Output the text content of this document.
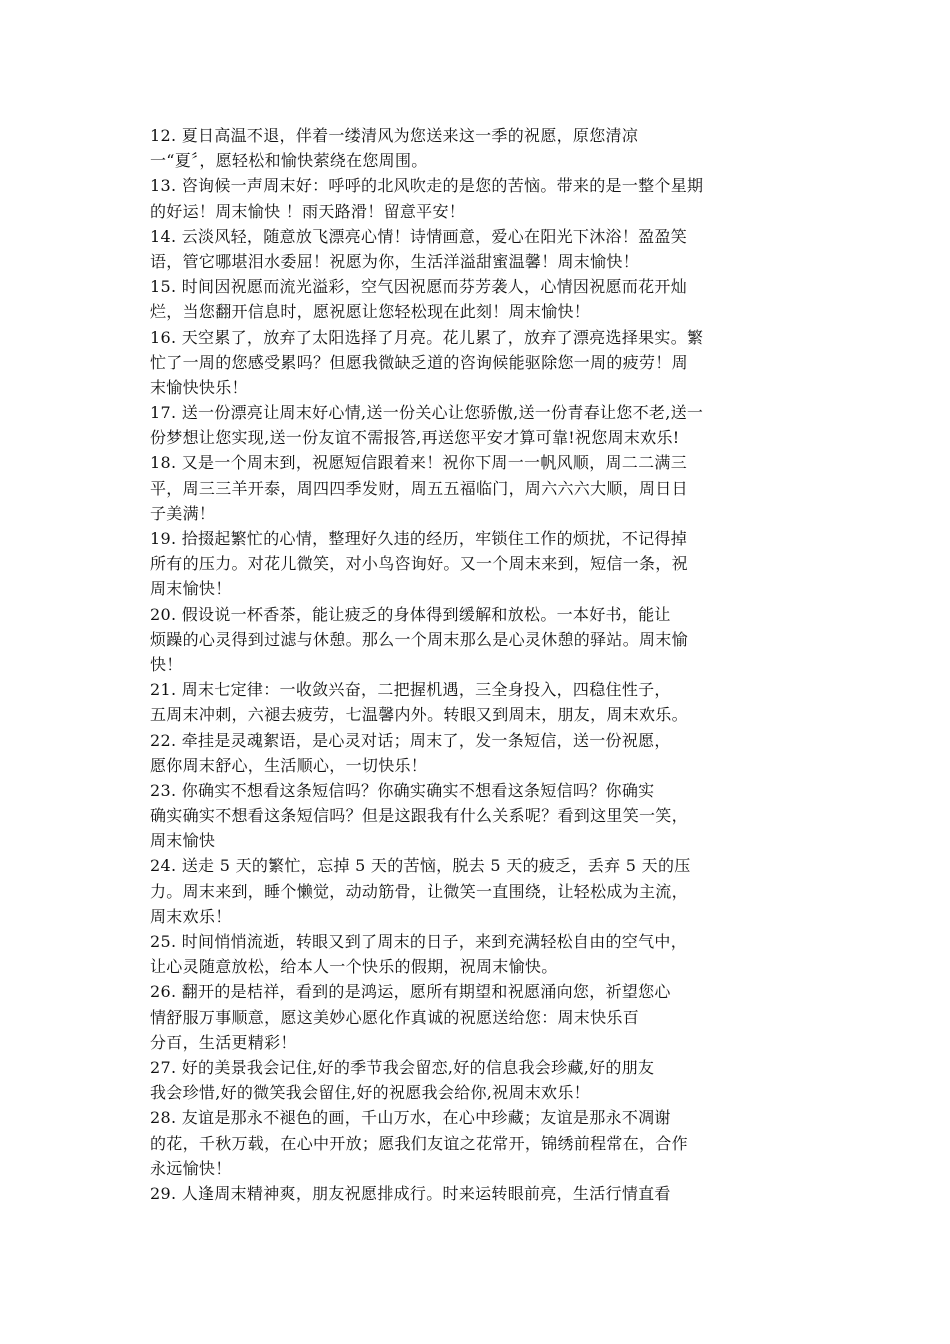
12. 夏日高温不退，伴着一缕清风为您送来这一季的祝愿，原您清凉
一“夏〞，愿轻松和愉快萦绕在您周围。
13. 咨询候一声周末好：呼呼的北风吹走的是您的苦恼。带来的是一整个星期
的好运！周末愉快 ！雨天路滑！留意平安！
14. 云淡风轻，随意放飞漂亮心情！诗情画意，爱心在阳光下沐浴！盈盈笑
语，管它哪堪泪水委屈！祝愿为你，生活洋溢甜蜜温馨！周末愉快！
15. 时间因祝愿而流光溢彩，空气因祝愿而芬芳袭人，心情因祝愿而花开灿
烂，当您翻开信息时，愿祝愿让您轻松现在此刻！周末愉快！
16. 天空累了，放弃了太阳选择了月亮。花儿累了，放弃了漂亮选择果实。繁
忙了一周的您感受累吗？但愿我微缺乏道的咨询候能驱除您一周的疲劳！周
末愉快快乐！
17. 送一份漂亮让周末好心情,送一份关心让您骄傲,送一份青春让您不老,送一
份梦想让您实现,送一份友谊不需报答,再送您平安才算可靠!祝您周末欢乐!
18. 又是一个周末到，祝愿短信跟着来！祝你下周一一帆风顺，周二二满三
平，周三三羊开泰，周四四季发财，周五五福临门，周六六六大顺，周日日
子美满！
19. 拾掇起繁忙的心情，整理好久违的经历，牢锁住工作的烦扰，不记得掉
所有的压力。对花儿微笑，对小鸟咨询好。又一个周末来到，短信一条，祝
周末愉快！
20. 假设说一杯香茶，能让疲乏的身体得到缓解和放松。一本好书，能让
烦躁的心灵得到过滤与休憩。那么一个周末那么是心灵休憩的驿站。周末愉
快！
21. 周末七定律：一收敛兴奋，二把握机遇，三全身投入，四稳住性子，
五周末冲刺，六褪去疲劳，七温馨内外。转眼又到周末，朋友，周末欢乐。
22. 牵挂是灵魂絮语，是心灵对话；周末了，发一条短信，送一份祝愿，
愿你周末舒心，生活顺心，一切快乐！
23. 你确实不想看这条短信吗？你确实确实不想看这条短信吗？你确实
确实确实不想看这条短信吗？但是这跟我有什么关系呢？看到这里笑一笑，
周末愉快
24. 送走 5 天的繁忙，忘掉 5 天的苦恼，脱去 5 天的疲乏，丢弃 5 天的压
力。周末来到，睡个懒觉，动动筋骨，让微笑一直围绕，让轻松成为主流，
周末欢乐！
25. 时间悄悄流逝，转眼又到了周末的日子，来到充满轻松自由的空气中，
让心灵随意放松，给本人一个快乐的假期，祝周末愉快。
26. 翻开的是桔祥，看到的是鸿运，愿所有期望和祝愿涌向您，祈望您心
情舒服万事顺意，愿这美妙心愿化作真诚的祝愿送给您：周末快乐百
分百，生活更精彩！
27. 好的美景我会记住,好的季节我会留恋,好的信息我会珍藏,好的朋友
我会珍惜,好的微笑我会留住,好的祝愿我会给你,祝周末欢乐！
28. 友谊是那永不褪色的画，千山万水，在心中珍藏；友谊是那永不凋谢
的花，千秋万载，在心中开放；愿我们友谊之花常开，锦绣前程常在，合作
永远愉快！
29. 人逢周末精神爽，朋友祝愿排成行。时来运转眼前亮，生活行情直看
